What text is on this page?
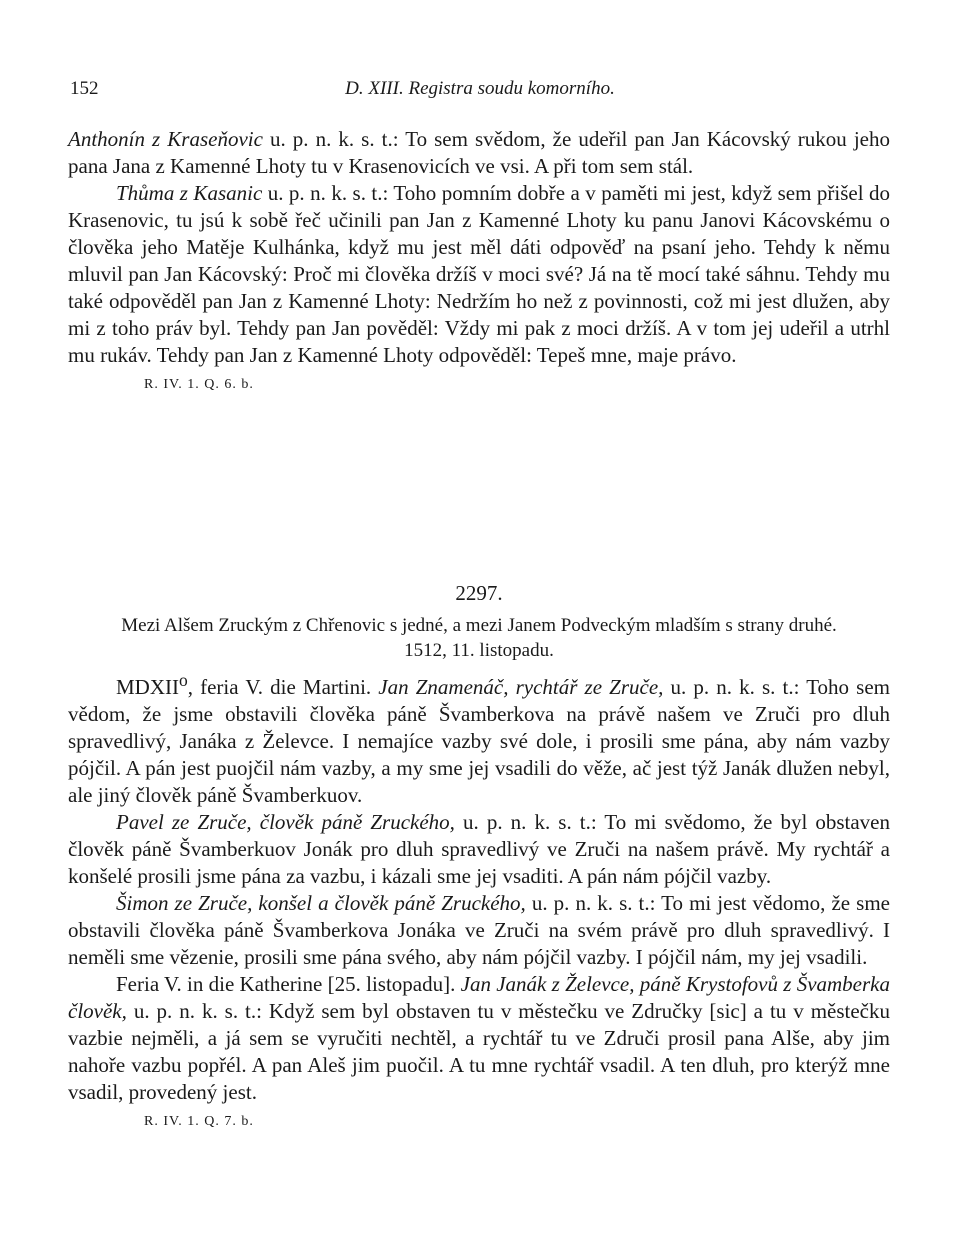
152	D. XIII. Registra soudu komorního.

Anthonín z Kraseňovic u. p. n. k. s. t.: To sem svědom, že udeřil pan Jan Kácovský rukou jeho pana Jana z Kamenné Lhoty tu v Krasenovicích ve vsi. A při tom sem stál.

Thůma z Kasanic u. p. n. k. s. t.: Toho pomním dobře a v paměti mi jest, když sem přišel do Krasenovic, tu jsú k sobě řeč učinili pan Jan z Kamenné Lhoty ku panu Janovi Kácovskému o člověka jeho Matěje Kulhánka, když mu jest měl dáti odpověď na psaní jeho. Tehdy k němu mluvil pan Jan Kácovský: Proč mi člověka držíš v moci své? Já na tě mocí také sáhnu. Tehdy mu také odpověděl pan Jan z Kamenné Lhoty: Nedržím ho než z povinnosti, což mi jest dlužen, aby mi z toho práv byl. Tehdy pan Jan pověděl: Vždy mi pak z moci držíš. A v tom jej udeřil a utrhl mu rukáv. Tehdy pan Jan z Kamenné Lhoty odpověděl: Tepeš mne, maje právo.

R. IV. 1. Q. 6. b.
2297.

Mezi Alšem Zruckým z Chřenovic s jedné, a mezi Janem Podveckým mladším s strany druhé.

1512, 11. listopadu.

MDXII$^o$, feria V. die Martini. Jan Znamenáč, rychtář ze Zruče, u. p. n. k. s. t.: Toho sem vědom, že jsme obstavili člověka páně Švamberkova na právě našem ve Zruči pro dluh spravedlivý, Janáka z Želevce. I nemajíce vazby své dole, i prosili sme pána, aby nám vazby pójčil. A pán jest puojčil nám vazby, a my sme jej vsadili do věže, ač jest týž Janák dlužen nebyl, ale jiný člověk páně Švamberkuov.

Pavel ze Zruče, člověk páně Zruckého, u. p. n. k. s. t.: To mi svědomo, že byl obstaven člověk páně Švamberkuov Jonák pro dluh spravedlivý ve Zruči na našem právě. My rychtář a konšelé prosili jsme pána za vazbu, i kázali sme jej vsaditi. A pán nám pójčil vazby.

Šimon ze Zruče, konšel a člověk páně Zruckého, u. p. n. k. s. t.: To mi jest vědomo, že sme obstavili člověka páně Švamberkova Jonáka ve Zruči na svém právě pro dluh spravedlivý. I neměli sme vězenie, prosili sme pána svého, aby nám pójčil vazby. I pójčil nám, my jej vsadili.

Feria V. in die Katherine [25. listopadu]. Jan Janák z Želevce, páně Krystofovů z Švamberka člověk, u. p. n. k. s. t.: Když sem byl obstaven tu v městečku ve Zdručky [sic] a tu v městečku vazbie nejměli, a já sem se vyručiti nechtěl, a rychtář tu ve Zdruči prosil pana Alše, aby jim nahoře vazbu popřél. A pan Aleš jim puočil. A tu mne rychtář vsadil. A ten dluh, pro kterýž mne vsadil, provedený jest.

R. IV. 1. Q. 7. b.
